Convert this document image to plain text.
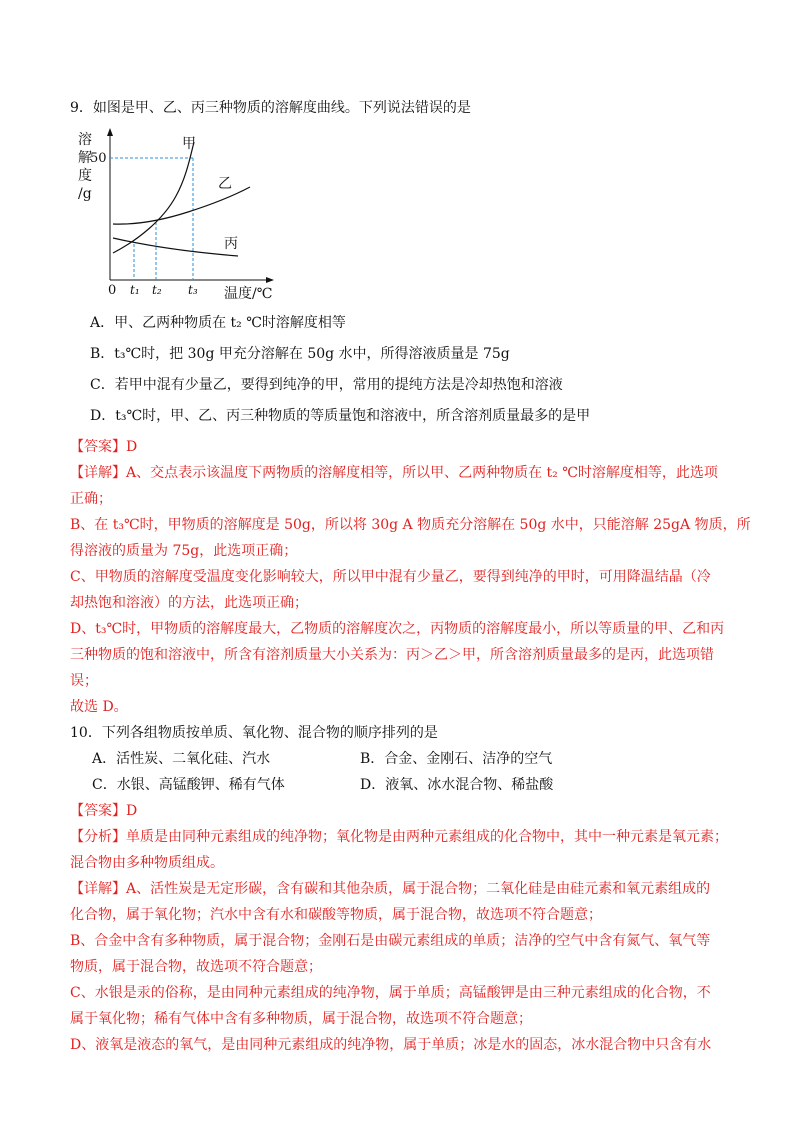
9．如图是甲、乙、丙三种物质的溶解度曲线。下列说法错误的是
溶
解
度
/g
50
甲
乙
丙
0 t₁ t₂ t₃ 温度/℃
A．甲、乙两种物质在 t₂ ℃时溶解度相等
B．t₃℃时，把 30g 甲充分溶解在 50g 水中，所得溶液质量是 75g
C．若甲中混有少量乙，要得到纯净的甲，常用的提纯方法是冷却热饱和溶液
D．t₃℃时，甲、乙、丙三种物质的等质量饱和溶液中，所含溶剂质量最多的是甲
【答案】D
【详解】A、交点表示该温度下两物质的溶解度相等，所以甲、乙两种物质在 t₂ ℃时溶解度相等，此选项
正确；
B、在 t₃℃时，甲物质的溶解度是 50g，所以将 30g A 物质充分溶解在 50g 水中，只能溶解 25gA 物质，所
得溶液的质量为 75g，此选项正确；
C、甲物质的溶解度受温度变化影响较大，所以甲中混有少量乙，要得到纯净的甲时，可用降温结晶（冷
却热饱和溶液）的方法，此选项正确；
D、t₃℃时，甲物质的溶解度最大，乙物质的溶解度次之，丙物质的溶解度最小，所以等质量的甲、乙和丙
三种物质的饱和溶液中，所含有溶剂质量大小关系为：丙＞乙＞甲，所含溶剂质量最多的是丙，此选项错
误；
故选 D。
10．下列各组物质按单质、氧化物、混合物的顺序排列的是
A．活性炭、二氧化硅、汽水	B．合金、金刚石、洁净的空气
C．水银、高锰酸钾、稀有气体	D．液氧、冰水混合物、稀盐酸
【答案】D
【分析】单质是由同种元素组成的纯净物；氧化物是由两种元素组成的化合物中，其中一种元素是氧元素；
混合物由多种物质组成。
【详解】A、活性炭是无定形碳，含有碳和其他杂质，属于混合物；二氧化硅是由硅元素和氧元素组成的
化合物，属于氧化物；汽水中含有水和碳酸等物质，属于混合物，故选项不符合题意；
B、合金中含有多种物质，属于混合物；金刚石是由碳元素组成的单质；洁净的空气中含有氮气、氧气等
物质，属于混合物，故选项不符合题意；
C、水银是汞的俗称，是由同种元素组成的纯净物，属于单质；高锰酸钾是由三种元素组成的化合物，不
属于氧化物；稀有气体中含有多种物质，属于混合物，故选项不符合题意；
D、液氧是液态的氧气，是由同种元素组成的纯净物，属于单质；冰是水的固态，冰水混合物中只含有水
